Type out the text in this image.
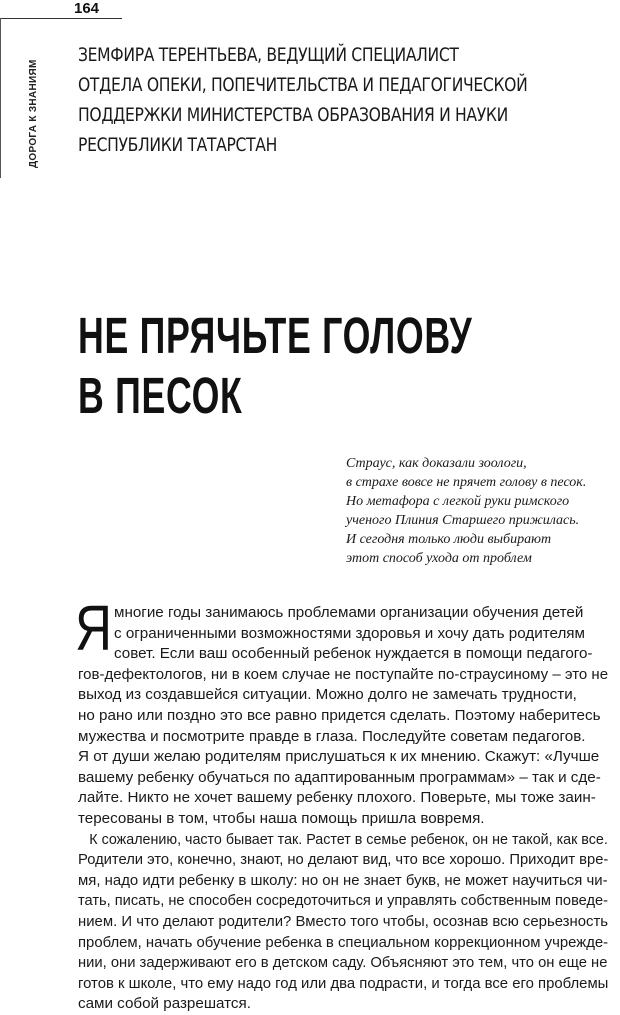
164
ДОРОГА К ЗНАНИЯМ
ЗЕМФИРА ТЕРЕНТЬЕВА, ВЕДУЩИЙ СПЕЦИАЛИСТ
ОТДЕЛА ОПЕКИ, ПОПЕЧИТЕЛЬСТВА И ПЕДАГОГИЧЕСКОЙ
ПОДДЕРЖКИ МИНИСТЕРСТВА ОБРАЗОВАНИЯ И НАУКИ
РЕСПУБЛИКИ ТАТАРСТАН
НЕ ПРЯЧЬТЕ ГОЛОВУ
В ПЕСОК
Страус, как доказали зоологи,
в страхе вовсе не прячет голову в песок.
Но метафора с легкой руки римского
ученого Плиния Старшего прижилась.
И сегодня только люди выбирают
этот способ ухода от проблем
Я многие годы занимаюсь проблемами организации обучения детей
с ограниченными возможностями здоровья и хочу дать родителям
совет. Если ваш особенный ребенок нуждается в помощи педагого-
гов-дефектологов, ни в коем случае не поступайте по-страусиному – это не
выход из создавшейся ситуации. Можно долго не замечать трудности,
но рано или поздно это все равно придется сделать. Поэтому наберитесь
мужества и посмотрите правде в глаза. Последуйте советам педагогов.
Я от души желаю родителям прислушаться к их мнению. Скажут: «Лучше
вашему ребенку обучаться по адаптированным программам» – так и сде-
лайте. Никто не хочет вашему ребенку плохого. Поверьте, мы тоже заин-
тересованы в том, чтобы наша помощь пришла вовремя.
К сожалению, часто бывает так. Растет в семье ребенок, он не такой, как все.
Родители это, конечно, знают, но делают вид, что все хорошо. Приходит вре-
мя, надо идти ребенку в школу: но он не знает букв, не может научиться чи-
тать, писать, не способен сосредоточиться и управлять собственным поведе-
нием. И что делают родители? Вместо того чтобы, осознав всю серьезность
проблем, начать обучение ребенка в специальном коррекционном учрежде-
нии, они задерживают его в детском саду. Объясняют это тем, что он еще не
готов к школе, что ему надо год или два подрасти, и тогда все его проблемы
сами собой разрешатся.
